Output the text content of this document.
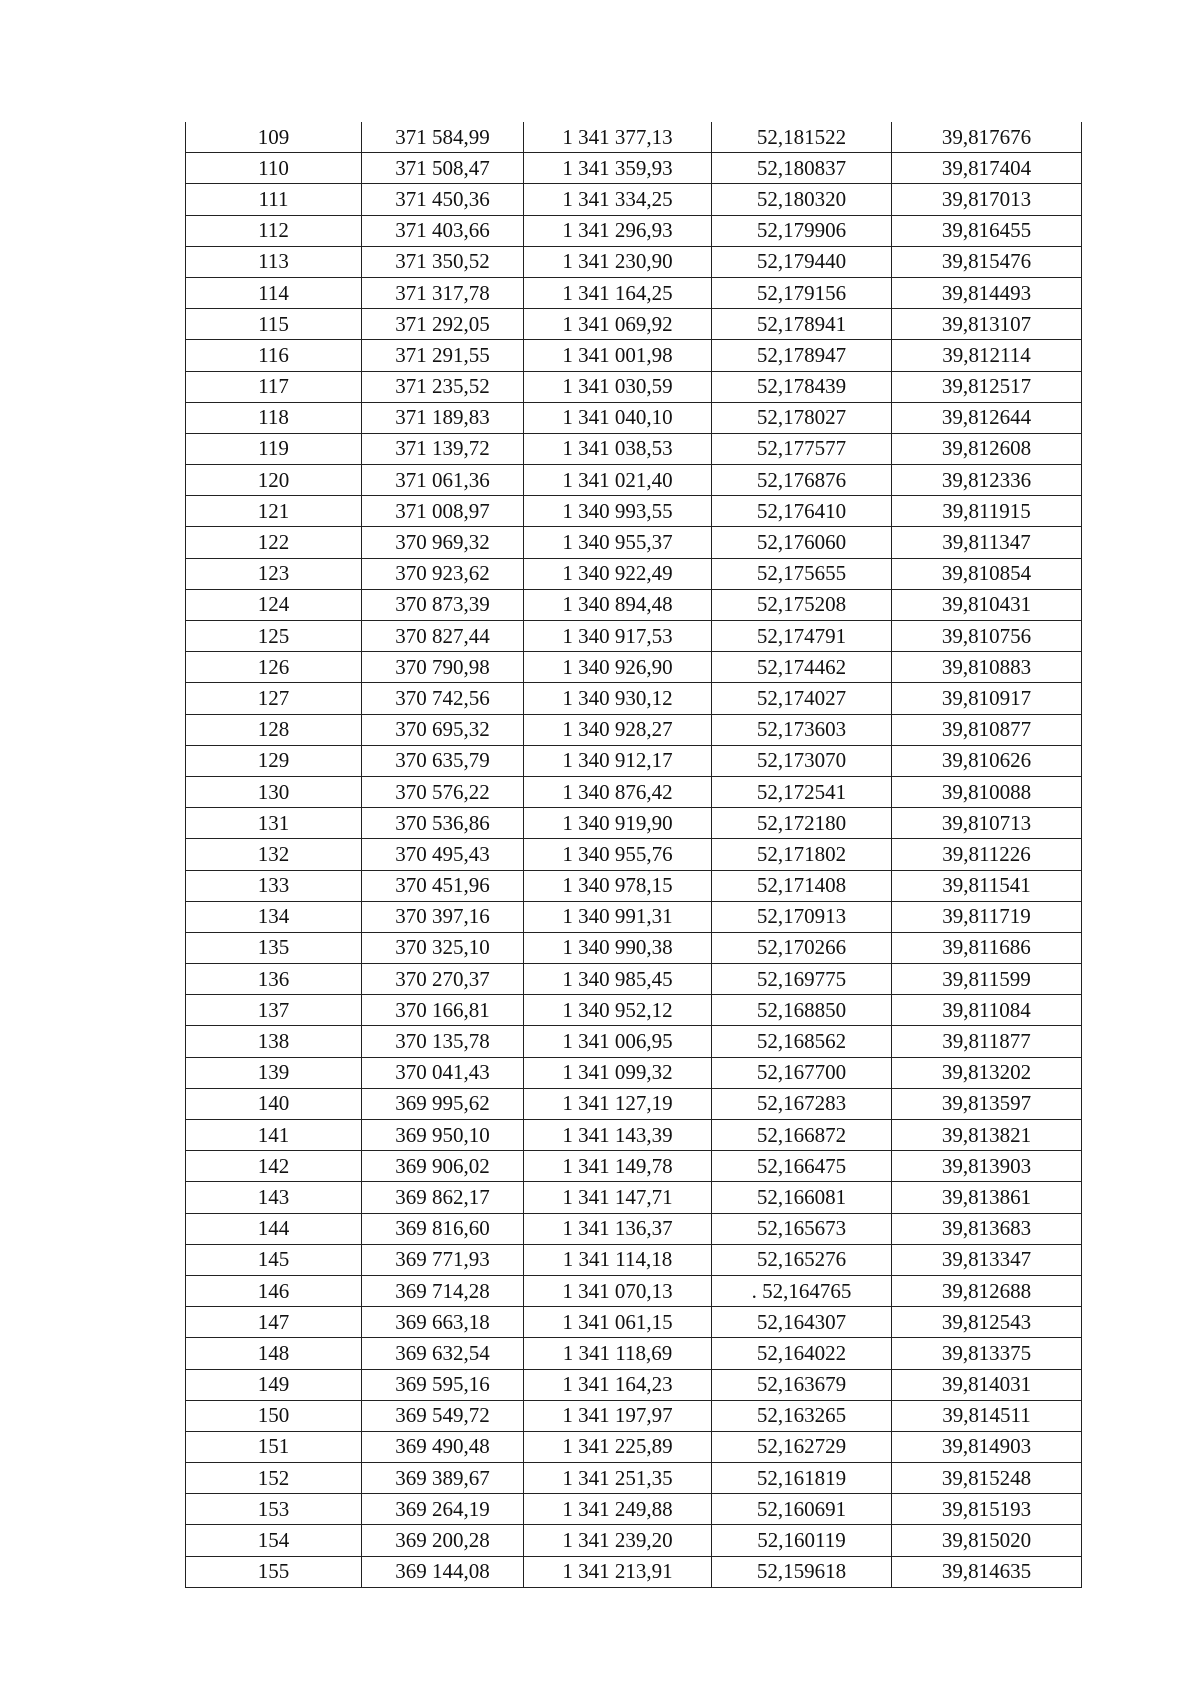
109	371 584,99	1 341 377,13	52,181522	39,817676
110	371 508,47	1 341 359,93	52,180837	39,817404
111	371 450,36	1 341 334,25	52,180320	39,817013
112	371 403,66	1 341 296,93	52,179906	39,816455
113	371 350,52	1 341 230,90	52,179440	39,815476
114	371 317,78	1 341 164,25	52,179156	39,814493
115	371 292,05	1 341 069,92	52,178941	39,813107
116	371 291,55	1 341 001,98	52,178947	39,812114
117	371 235,52	1 341 030,59	52,178439	39,812517
118	371 189,83	1 341 040,10	52,178027	39,812644
119	371 139,72	1 341 038,53	52,177577	39,812608
120	371 061,36	1 341 021,40	52,176876	39,812336
121	371 008,97	1 340 993,55	52,176410	39,811915
122	370 969,32	1 340 955,37	52,176060	39,811347
123	370 923,62	1 340 922,49	52,175655	39,810854
124	370 873,39	1 340 894,48	52,175208	39,810431
125	370 827,44	1 340 917,53	52,174791	39,810756
126	370 790,98	1 340 926,90	52,174462	39,810883
127	370 742,56	1 340 930,12	52,174027	39,810917
128	370 695,32	1 340 928,27	52,173603	39,810877
129	370 635,79	1 340 912,17	52,173070	39,810626
130	370 576,22	1 340 876,42	52,172541	39,810088
131	370 536,86	1 340 919,90	52,172180	39,810713
132	370 495,43	1 340 955,76	52,171802	39,811226
133	370 451,96	1 340 978,15	52,171408	39,811541
134	370 397,16	1 340 991,31	52,170913	39,811719
135	370 325,10	1 340 990,38	52,170266	39,811686
136	370 270,37	1 340 985,45	52,169775	39,811599
137	370 166,81	1 340 952,12	52,168850	39,811084
138	370 135,78	1 341 006,95	52,168562	39,811877
139	370 041,43	1 341 099,32	52,167700	39,813202
140	369 995,62	1 341 127,19	52,167283	39,813597
141	369 950,10	1 341 143,39	52,166872	39,813821
142	369 906,02	1 341 149,78	52,166475	39,813903
143	369 862,17	1 341 147,71	52,166081	39,813861
144	369 816,60	1 341 136,37	52,165673	39,813683
145	369 771,93	1 341 114,18	52,165276	39,813347
146	369 714,28	1 341 070,13	. 52,164765	39,812688
147	369 663,18	1 341 061,15	52,164307	39,812543
148	369 632,54	1 341 118,69	52,164022	39,813375
149	369 595,16	1 341 164,23	52,163679	39,814031
150	369 549,72	1 341 197,97	52,163265	39,814511
151	369 490,48	1 341 225,89	52,162729	39,814903
152	369 389,67	1 341 251,35	52,161819	39,815248
153	369 264,19	1 341 249,88	52,160691	39,815193
154	369 200,28	1 341 239,20	52,160119	39,815020
155	369 144,08	1 341 213,91	52,159618	39,814635
